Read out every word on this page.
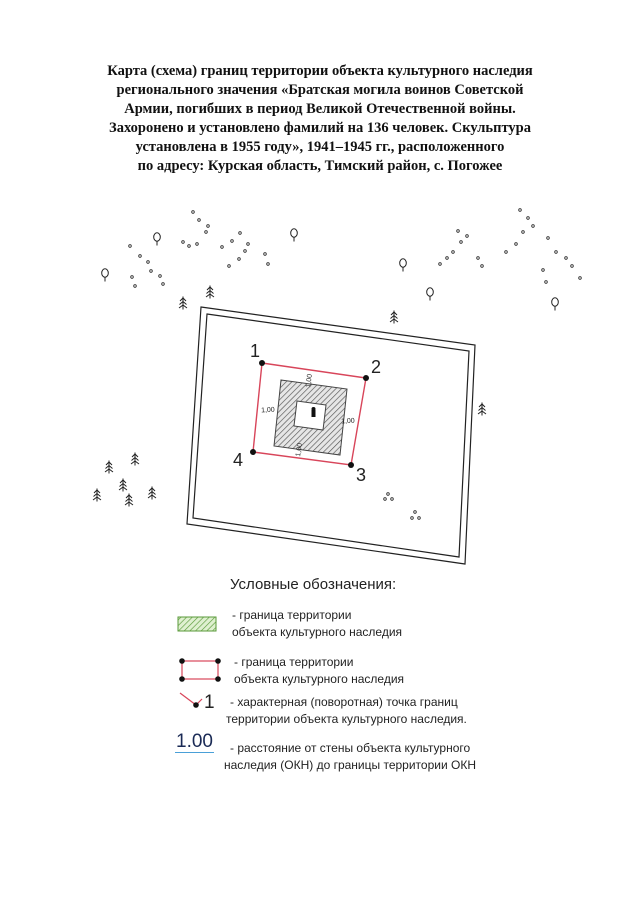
Карта (схема) границ территории объекта культурного наследия
регионального значения «Братская могила воинов Советской
Армии, погибших в период Великой Отечественной войны.
Захоронено и установлено фамилий на 136 человек. Скульптура
установлена в 1955 году», 1941–1945 гг., расположенного
по адресу: Курская область, Тимский район, с. Погожее
1
2
3
4
1,00
1,00
1,00
1,00
Условные обозначения:
- граница территории
объекта культурного наследия
- граница территории
объекта культурного наследия
1	- характерная (поворотная) точка границ
территории объекта культурного наследия.
1.00	- расстояние от стены объекта культурного
наследия (ОКН) до границы территории ОКН
